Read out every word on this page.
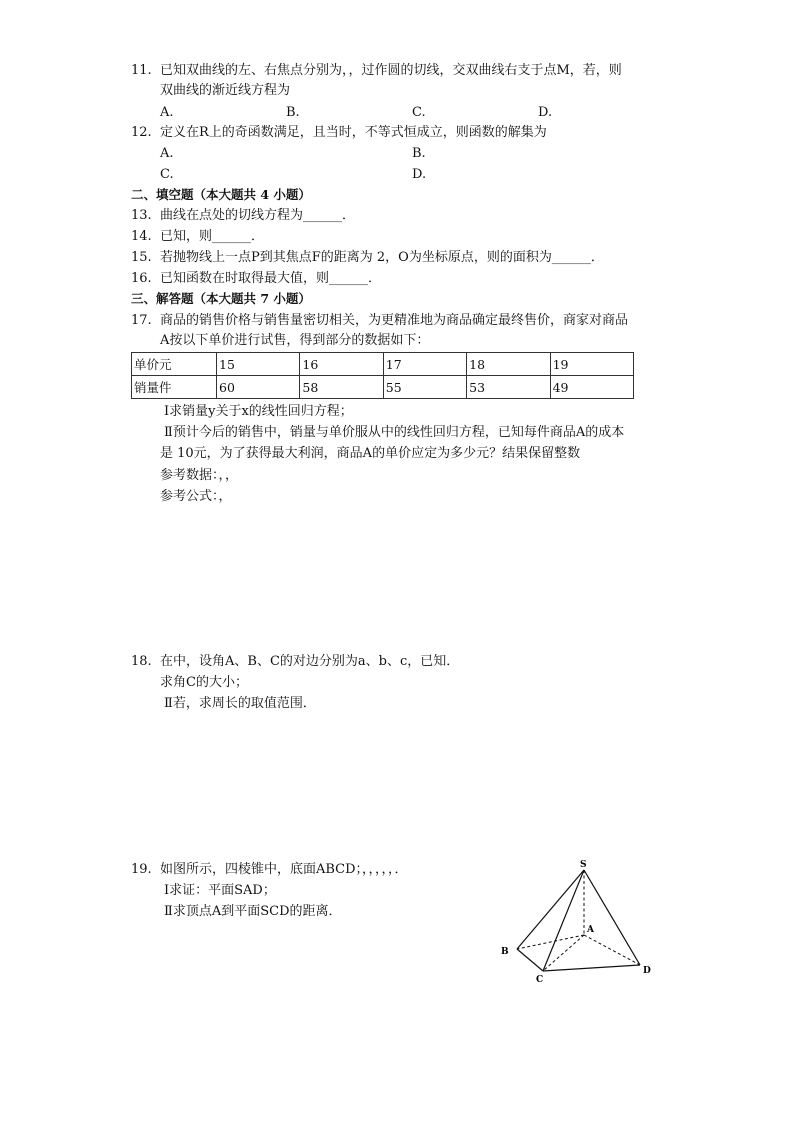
11. 已知双曲线的左、右焦点分别为，，过作圆的切线，交双曲线右支于点M，若，则
双曲线的渐近线方程为
A.	B.	C.	D.
12. 定义在R上的奇函数满足，且当时，不等式恒成立，则函数的解集为
A.	B.
C.	D.
二、填空题（本大题共 4 小题）
13. 曲线在点处的切线方程为______．
14. 已知，则______．
15. 若抛物线上一点P到其焦点F的距离为 2，O为坐标原点，则的面积为______．
16. 已知函数在时取得最大值，则______．
三、解答题（本大题共 7 小题）
17. 商品的销售价格与销售量密切相关，为更精准地为商品确定最终售价，商家对商品
A按以下单价进行试售，得到部分的数据如下：
单价元	15	16	17	18	19
销量件	60	58	55	53	49
Ⅰ求销量y关于x的线性回归方程；
Ⅱ预计今后的销售中，销量与单价服从中的线性回归方程，已知每件商品A的成本
是 10元，为了获得最大利润，商品A的单价应定为多少元？结果保留整数
参考数据：，，
参考公式：，
18. 在中，设角A、B、C的对边分别为a、b、c，已知．
求角C的大小；
Ⅱ若，求周长的取值范围．
19. 如图所示，四棱锥中，底面ABCD；，，，，，．
Ⅰ求证：平面SAD；
Ⅱ求顶点A到平面SCD的距离．
S
A
B
C
D
